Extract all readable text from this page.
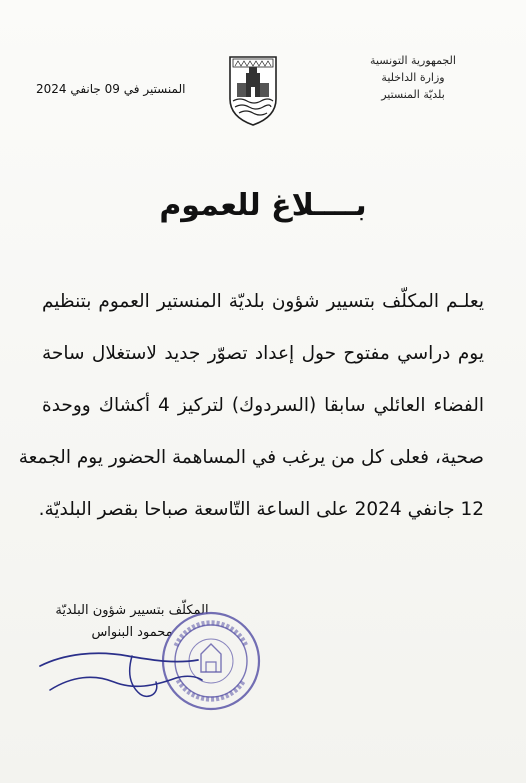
الجمهورية التونسية
وزارة الداخلية
بلديّة المنستير
المنستير في 09 جانفي 2024
بــــلاغ للعموم
يعلـم المكلّف بتسيير شؤون بلديّة المنستير العموم بتنظيم
يوم دراسي مفتوح حول إعداد تصوّر جديد لاستغلال ساحة
الفضاء العائلي سابقا (السردوك) لتركيز 4 أكشاك ووحدة
صحية، فعلى كل من يرغب في المساهمة الحضور يوم الجمعة
12 جانفي 2024 على الساعة التّاسعة صباحا بقصر البلديّة.
المكلّف بتسيير شؤون البلديّة
محمود البنواس
